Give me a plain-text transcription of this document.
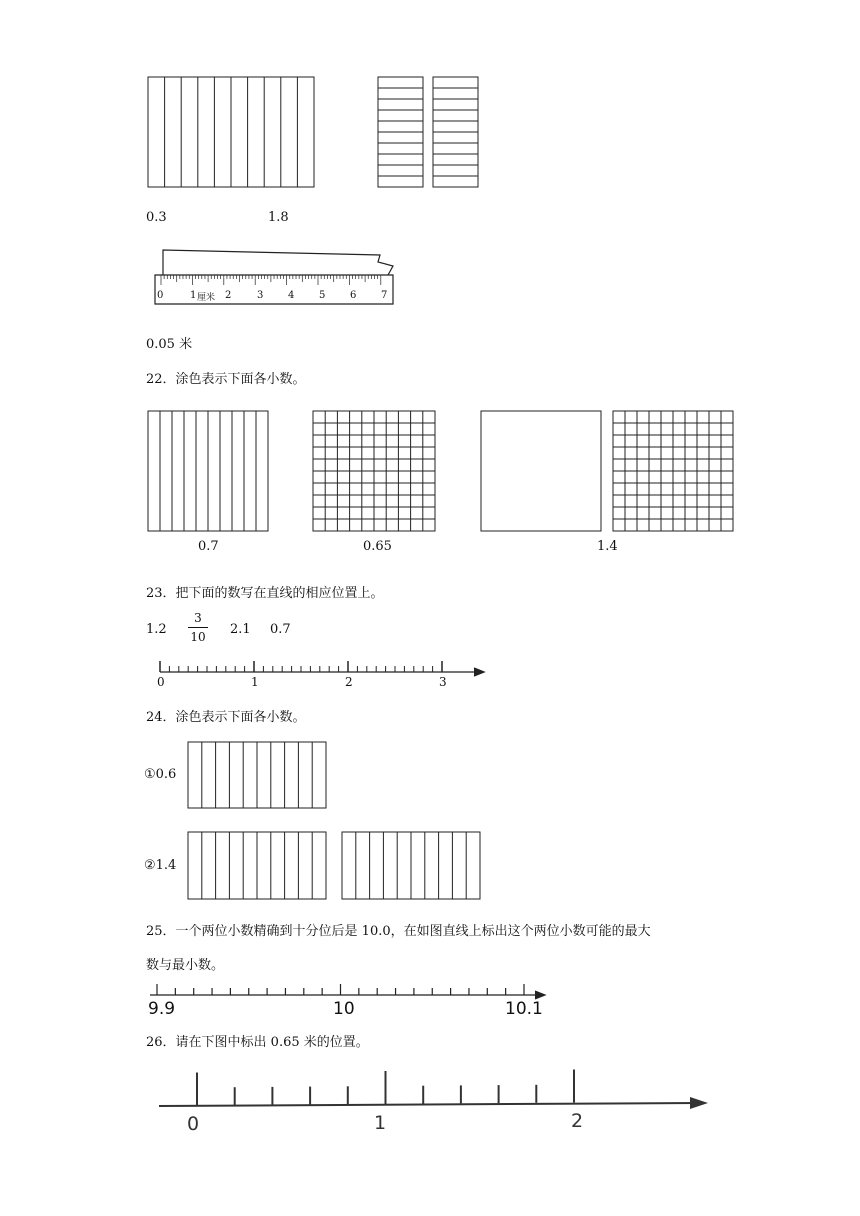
0.3	1.8
0	1 厘米 2	3 4 5 6 7
0.05 米
22．涂色表示下面各小数。
0.7	0.65	1.4
23．把下面的数写在直线的相应位置上。
1.2
3
10 2.1 0.7
0	1	2	3
24．涂色表示下面各小数。
①0.6
②1.4
25．一个两位小数精确到十分位后是 10.0，在如图直线上标出这个两位小数可能的最大
数与最小数。
9.9	10	10.1
26．请在下图中标出 0.65 米的位置。
0	1	2
